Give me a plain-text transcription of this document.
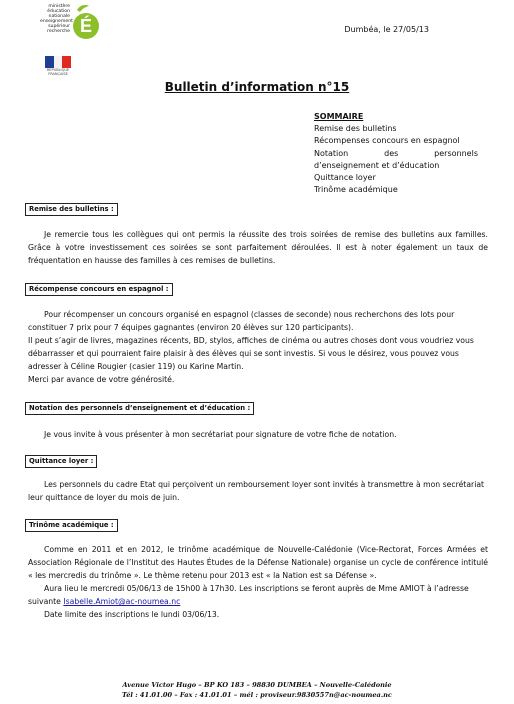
ministère
éducation
nationale
enseignement
supérieur
recherche É
RÉPUBLIQUE FRANÇAISE
Dumbéa, le 27/05/13
Bulletin d’information n°15
SOMMAIRE
Remise des bulletins
Récompenses concours en espagnol
Notation des personnels
d’enseignement et d’éducation
Quittance loyer
Trinôme académique
Remise des bulletins :

Je remercie tous les collègues qui ont permis la réussite des trois soirées de remise des bulletins aux familles. Grâce à votre investissement ces soirées se sont parfaitement déroulées. Il est à noter également un taux de fréquentation en hausse des familles à ces remises de bulletins.

Récompense concours en espagnol :

Pour récompenser un concours organisé en espagnol (classes de seconde) nous recherchons des lots pour constituer 7 prix pour 7 équipes gagnantes (environ 20 élèves sur 120 participants).

Il peut s’agir de livres, magazines récents, BD, stylos, affiches de cinéma ou autres choses dont vous voudriez vous débarrasser et qui pourraient faire plaisir à des élèves qui se sont investis. Si vous le désirez, vous pouvez vous adresser à Céline Rougier (casier 119) ou Karine Martin.

Merci par avance de votre générosité.

Notation des personnels d’enseignement et d’éducation :

Je vous invite à vous présenter à mon secrétariat pour signature de votre fiche de notation.

Quittance loyer :

Les personnels du cadre Etat qui perçoivent un remboursement loyer sont invités à transmettre à mon secrétariat leur quittance de loyer du mois de juin.

Trinôme académique :

Comme en 2011 et en 2012, le trinôme académique de Nouvelle-Calédonie (Vice-Rectorat, Forces Armées et Association Régionale de l’Institut des Hautes Études de la Défense Nationale) organise un cycle de conférence intitulé « les mercredis du trinôme ». Le thème retenu pour 2013 est « la Nation est sa Défense ».

Aura lieu le mercredi 05/06/13 de 15h00 à 17h30. Les inscriptions se feront auprès de Mme AMIOT à l’adresse suivante Isabelle.Amiot@ac-noumea.nc

Date limite des inscriptions le lundi 03/06/13.

Avenue Victor Hugo – BP KO 183 – 98830 DUMBEA – Nouvelle-Calédonie
Tél : 41.01.00 – Fax : 41.01.01 – mél : proviseur.9830557n@ac-noumea.nc
